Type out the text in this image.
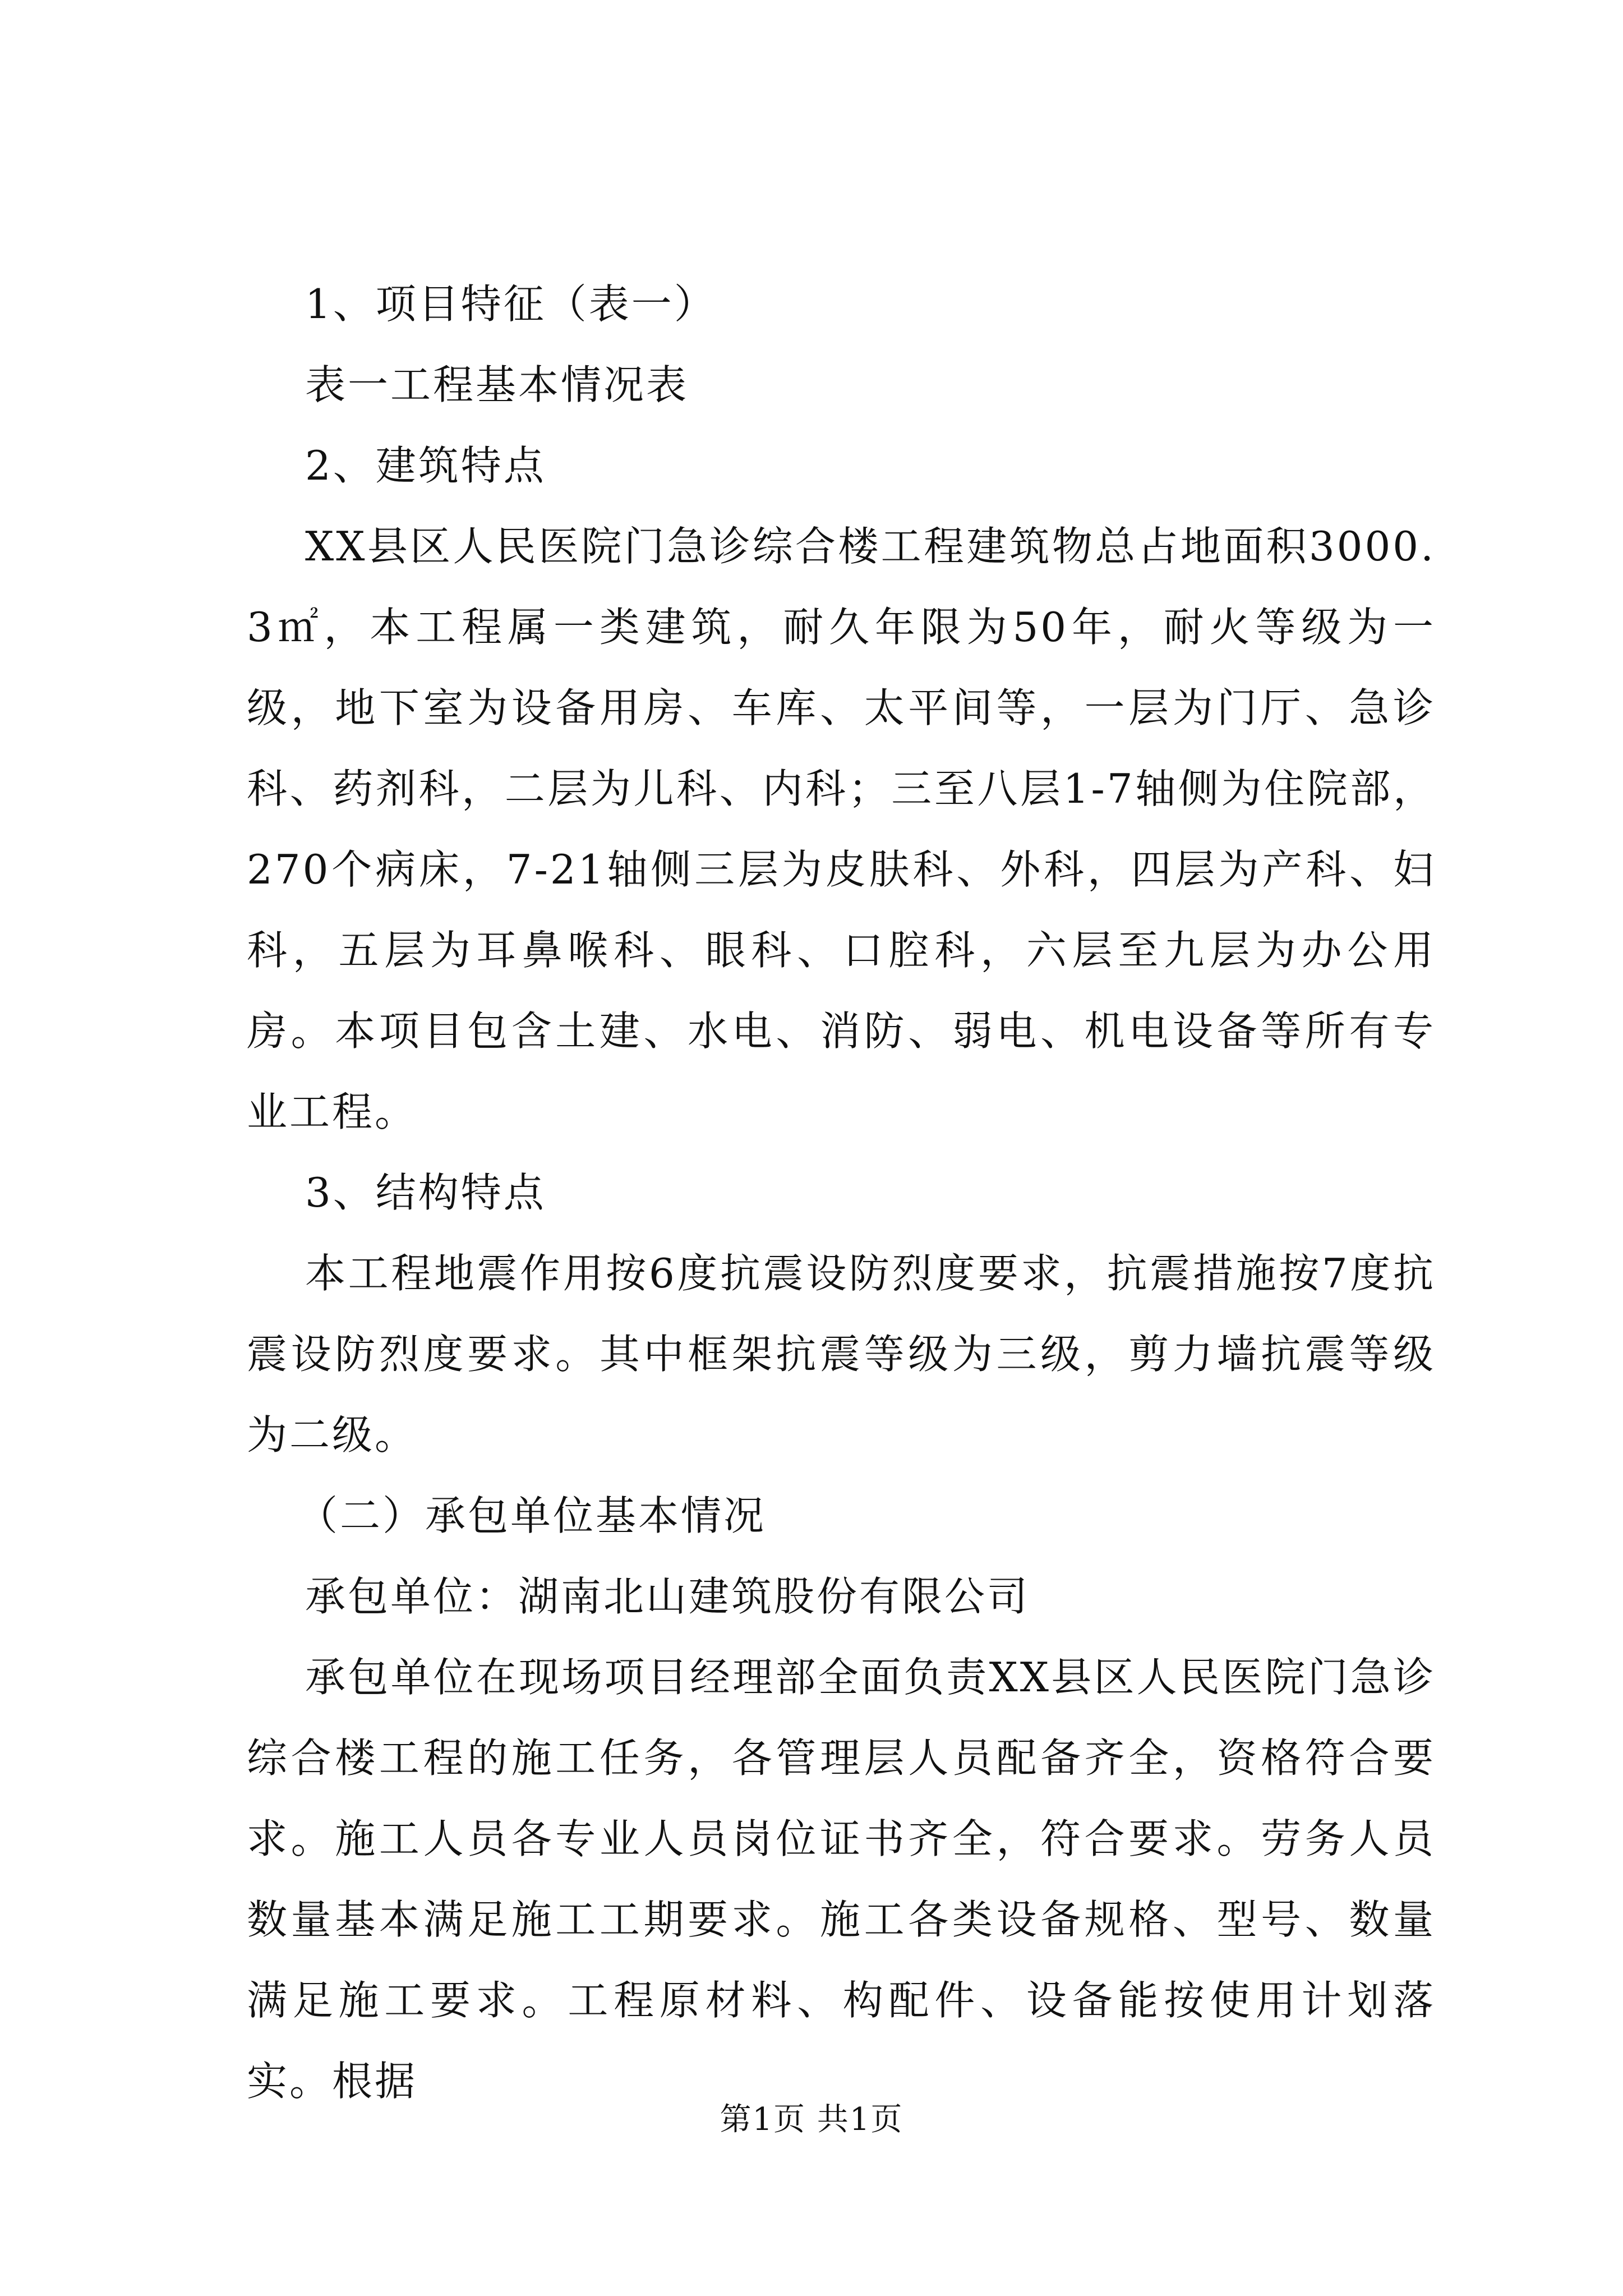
1、项目特征（表一）

表一工程基本情况表

2、建筑特点

XX县区人民医院门急诊综合楼工程建筑物总占地面积3000.3㎡，本工程属一类建筑，耐久年限为50年，耐火等级为一级，地下室为设备用房、车库、太平间等，一层为门厅、急诊科、药剂科，二层为儿科、内科；三至八层1-7轴侧为住院部，270个病床，7-21轴侧三层为皮肤科、外科，四层为产科、妇科，五层为耳鼻喉科、眼科、口腔科，六层至九层为办公用房。本项目包含土建、水电、消防、弱电、机电设备等所有专业工程。

3、结构特点

本工程地震作用按6度抗震设防烈度要求，抗震措施按7度抗震设防烈度要求。其中框架抗震等级为三级，剪力墙抗震等级为二级。

（二）承包单位基本情况

承包单位：湖南北山建筑股份有限公司

承包单位在现场项目经理部全面负责XX县区人民医院门急诊综合楼工程的施工任务，各管理层人员配备齐全，资格符合要求。施工人员各专业人员岗位证书齐全，符合要求。劳务人员数量基本满足施工工期要求。施工各类设备规格、型号、数量满足施工要求。工程原材料、构配件、设备能按使用计划落实。根据

第1页 共1页
